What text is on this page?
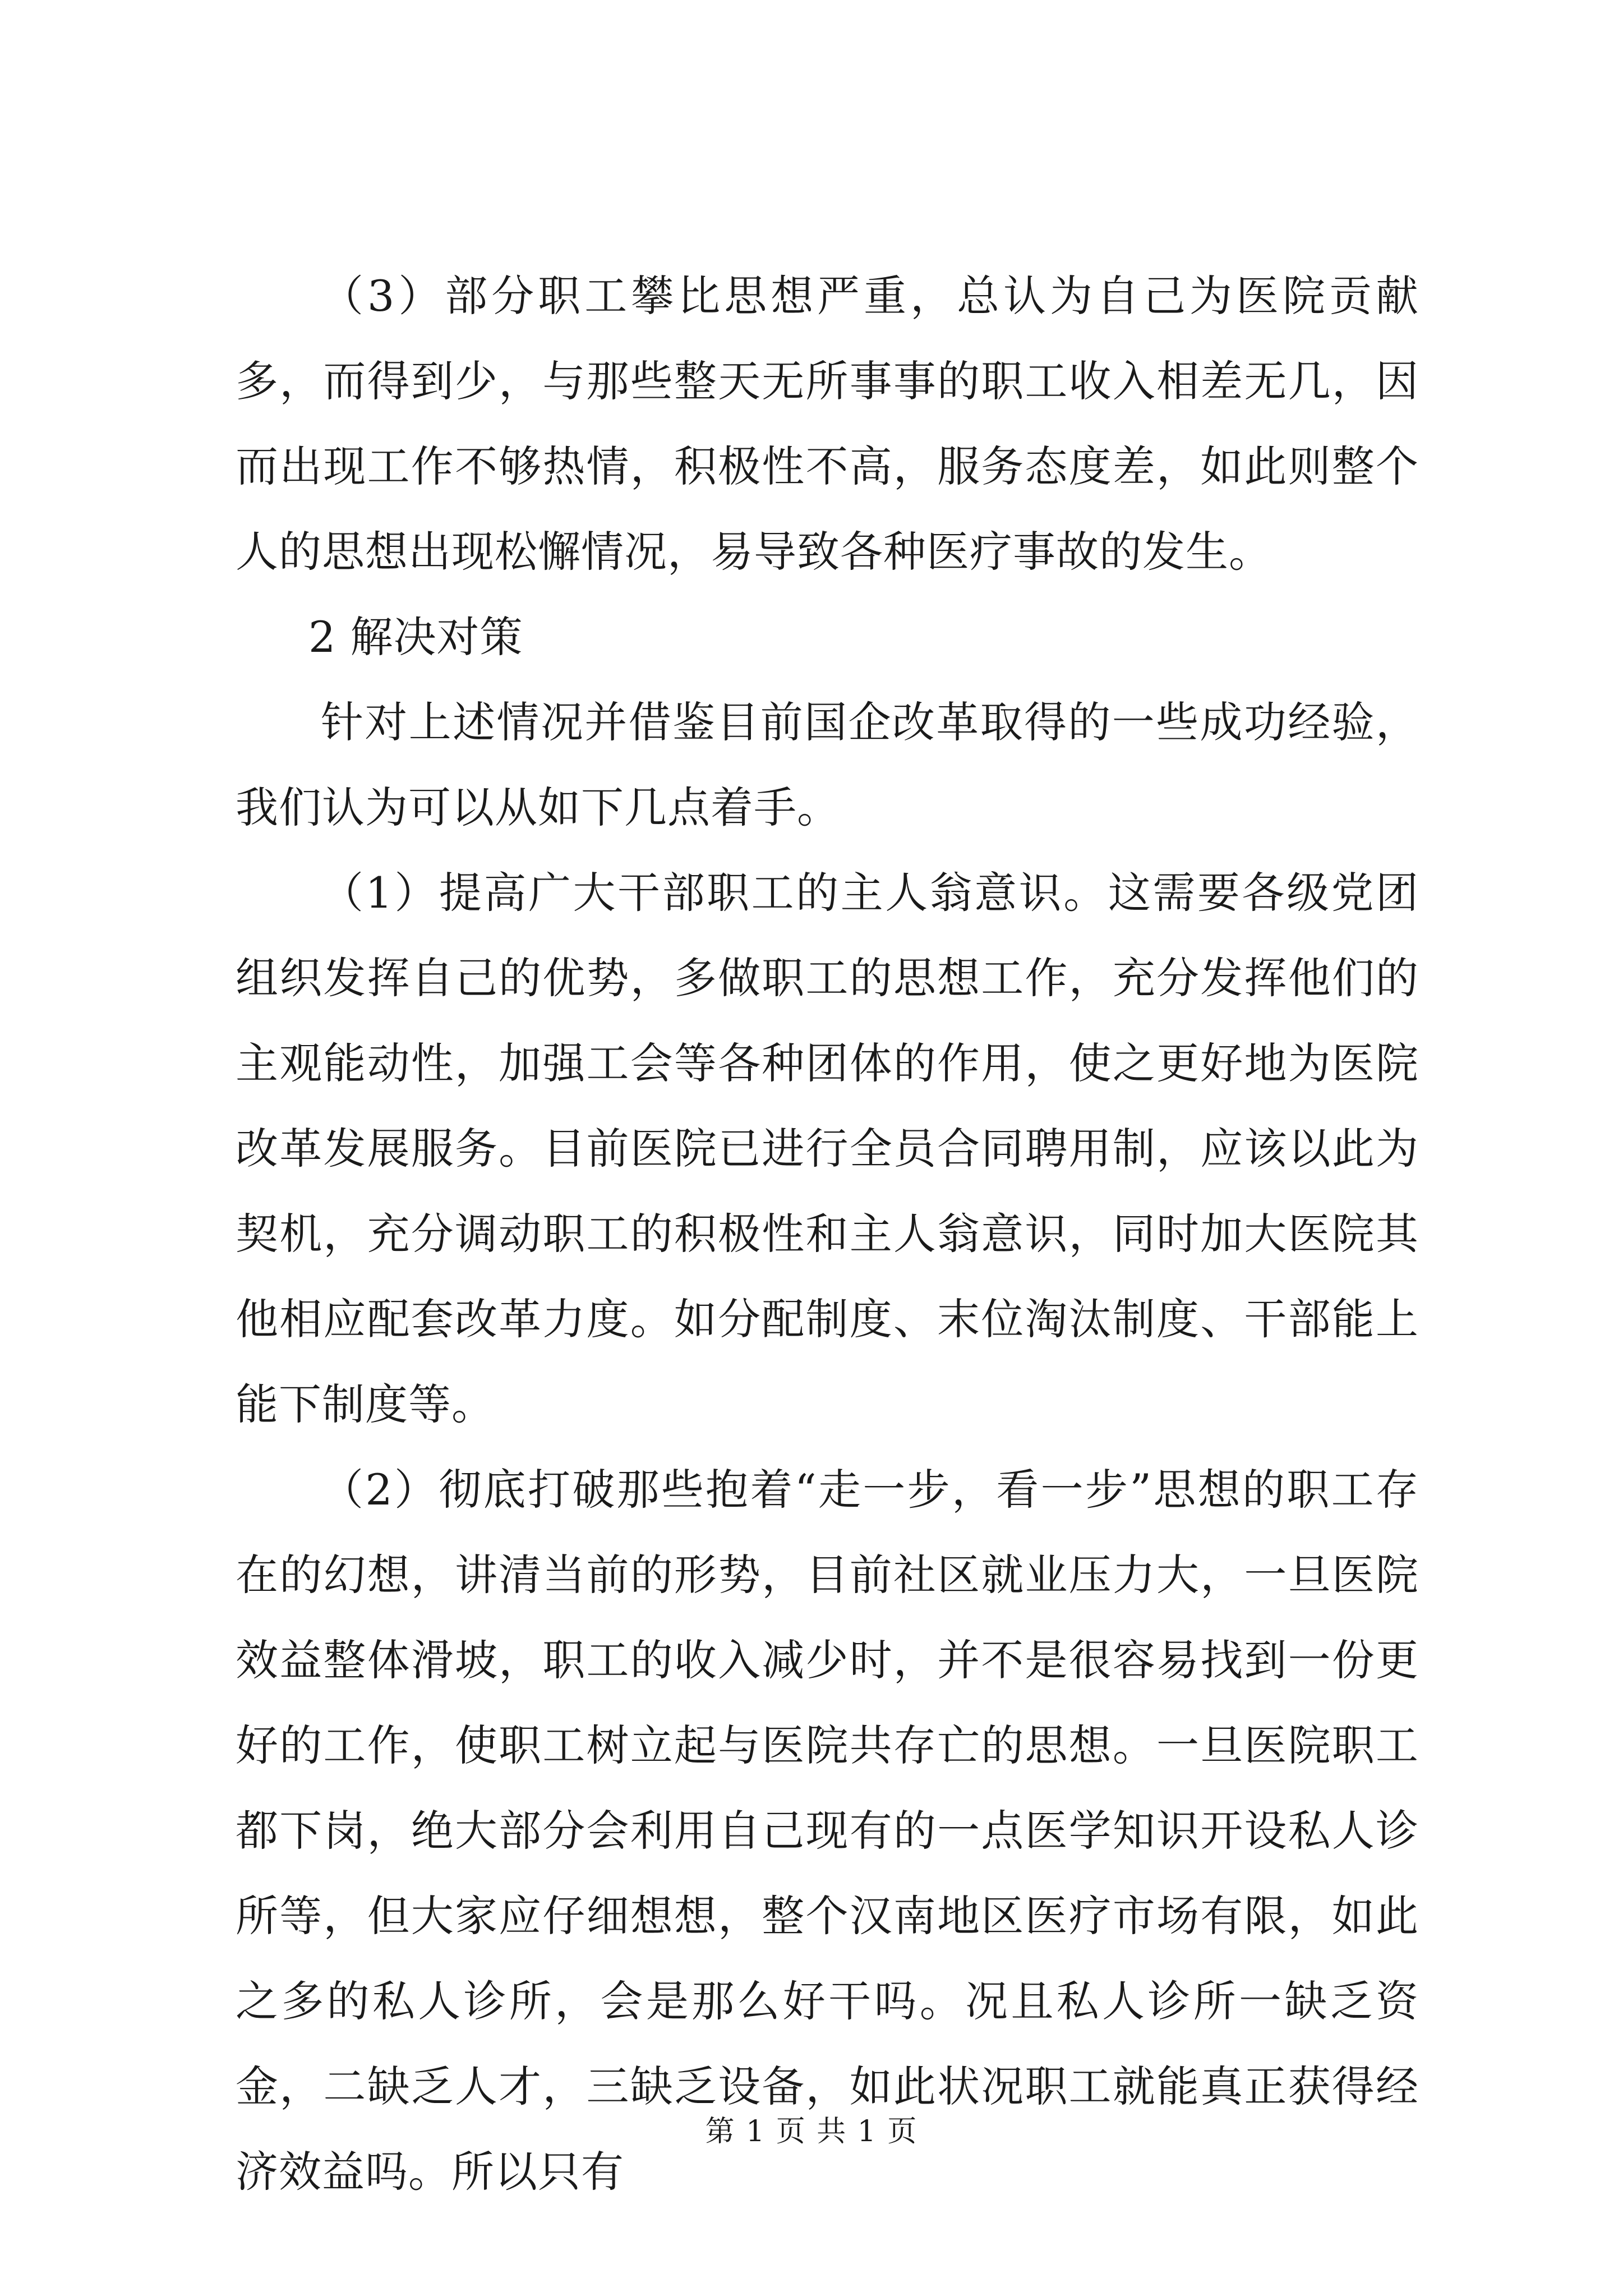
（3）部分职工攀比思想严重，总认为自己为医院贡献多，而得到少，与那些整天无所事事的职工收入相差无几，因而出现工作不够热情，积极性不高，服务态度差，如此则整个人的思想出现松懈情况，易导致各种医疗事故的发生。

2 解决对策

针对上述情况并借鉴目前国企改革取得的一些成功经验，我们认为可以从如下几点着手。

（1）提高广大干部职工的主人翁意识。这需要各级党团组织发挥自己的优势，多做职工的思想工作，充分发挥他们的主观能动性，加强工会等各种团体的作用，使之更好地为医院改革发展服务。目前医院已进行全员合同聘用制，应该以此为契机，充分调动职工的积极性和主人翁意识，同时加大医院其他相应配套改革力度。如分配制度、末位淘汰制度、干部能上能下制度等。

（2）彻底打破那些抱着“走一步，看一步”思想的职工存在的幻想，讲清当前的形势，目前社区就业压力大，一旦医院效益整体滑坡，职工的收入减少时，并不是很容易找到一份更好的工作，使职工树立起与医院共存亡的思想。一旦医院职工都下岗，绝大部分会利用自己现有的一点医学知识开设私人诊所等，但大家应仔细想想，整个汉南地区医疗市场有限，如此之多的私人诊所，会是那么好干吗。况且私人诊所一缺乏资金，二缺乏人才，三缺乏设备，如此状况职工就能真正获得经济效益吗。所以只有

第 1 页 共 1 页
